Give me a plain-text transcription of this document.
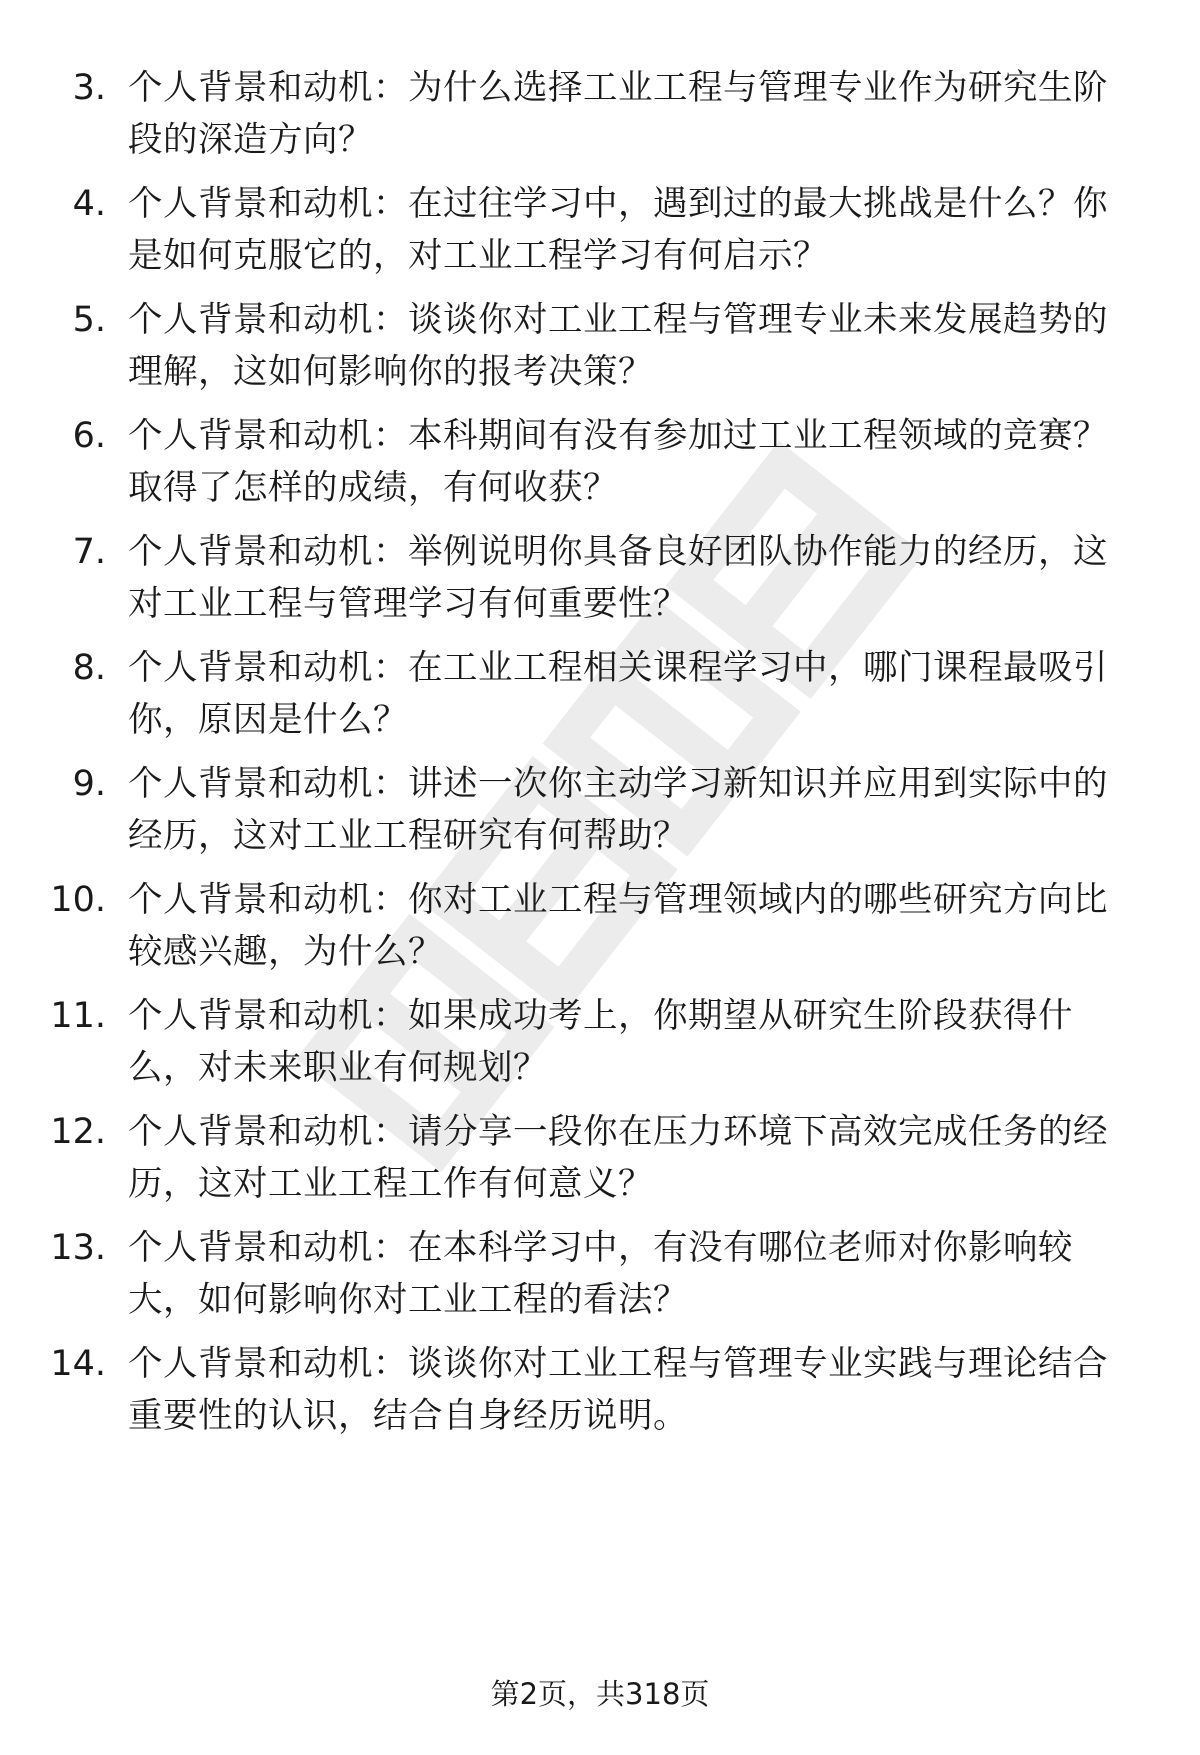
3. 个人背景和动机：为什么选择工业工程与管理专业作为研究生阶段的深造方向？
4. 个人背景和动机：在过往学习中，遇到过的最大挑战是什么？你是如何克服它的，对工业工程学习有何启示？
5. 个人背景和动机：谈谈你对工业工程与管理专业未来发展趋势的理解，这如何影响你的报考决策？
6. 个人背景和动机：本科期间有没有参加过工业工程领域的竞赛？取得了怎样的成绩，有何收获？
7. 个人背景和动机：举例说明你具备良好团队协作能力的经历，这对工业工程与管理学习有何重要性？
8. 个人背景和动机：在工业工程相关课程学习中，哪门课程最吸引你，原因是什么？
9. 个人背景和动机：讲述一次你主动学习新知识并应用到实际中的经历，这对工业工程研究有何帮助？
10. 个人背景和动机：你对工业工程与管理领域内的哪些研究方向比较感兴趣，为什么？
11. 个人背景和动机：如果成功考上，你期望从研究生阶段获得什么，对未来职业有何规划？
12. 个人背景和动机：请分享一段你在压力环境下高效完成任务的经历，这对工业工程工作有何意义？
13. 个人背景和动机：在本科学习中，有没有哪位老师对你影响较大，如何影响你对工业工程的看法？
14. 个人背景和动机：谈谈你对工业工程与管理专业实践与理论结合重要性的认识，结合自身经历说明。
第2页，共318页
